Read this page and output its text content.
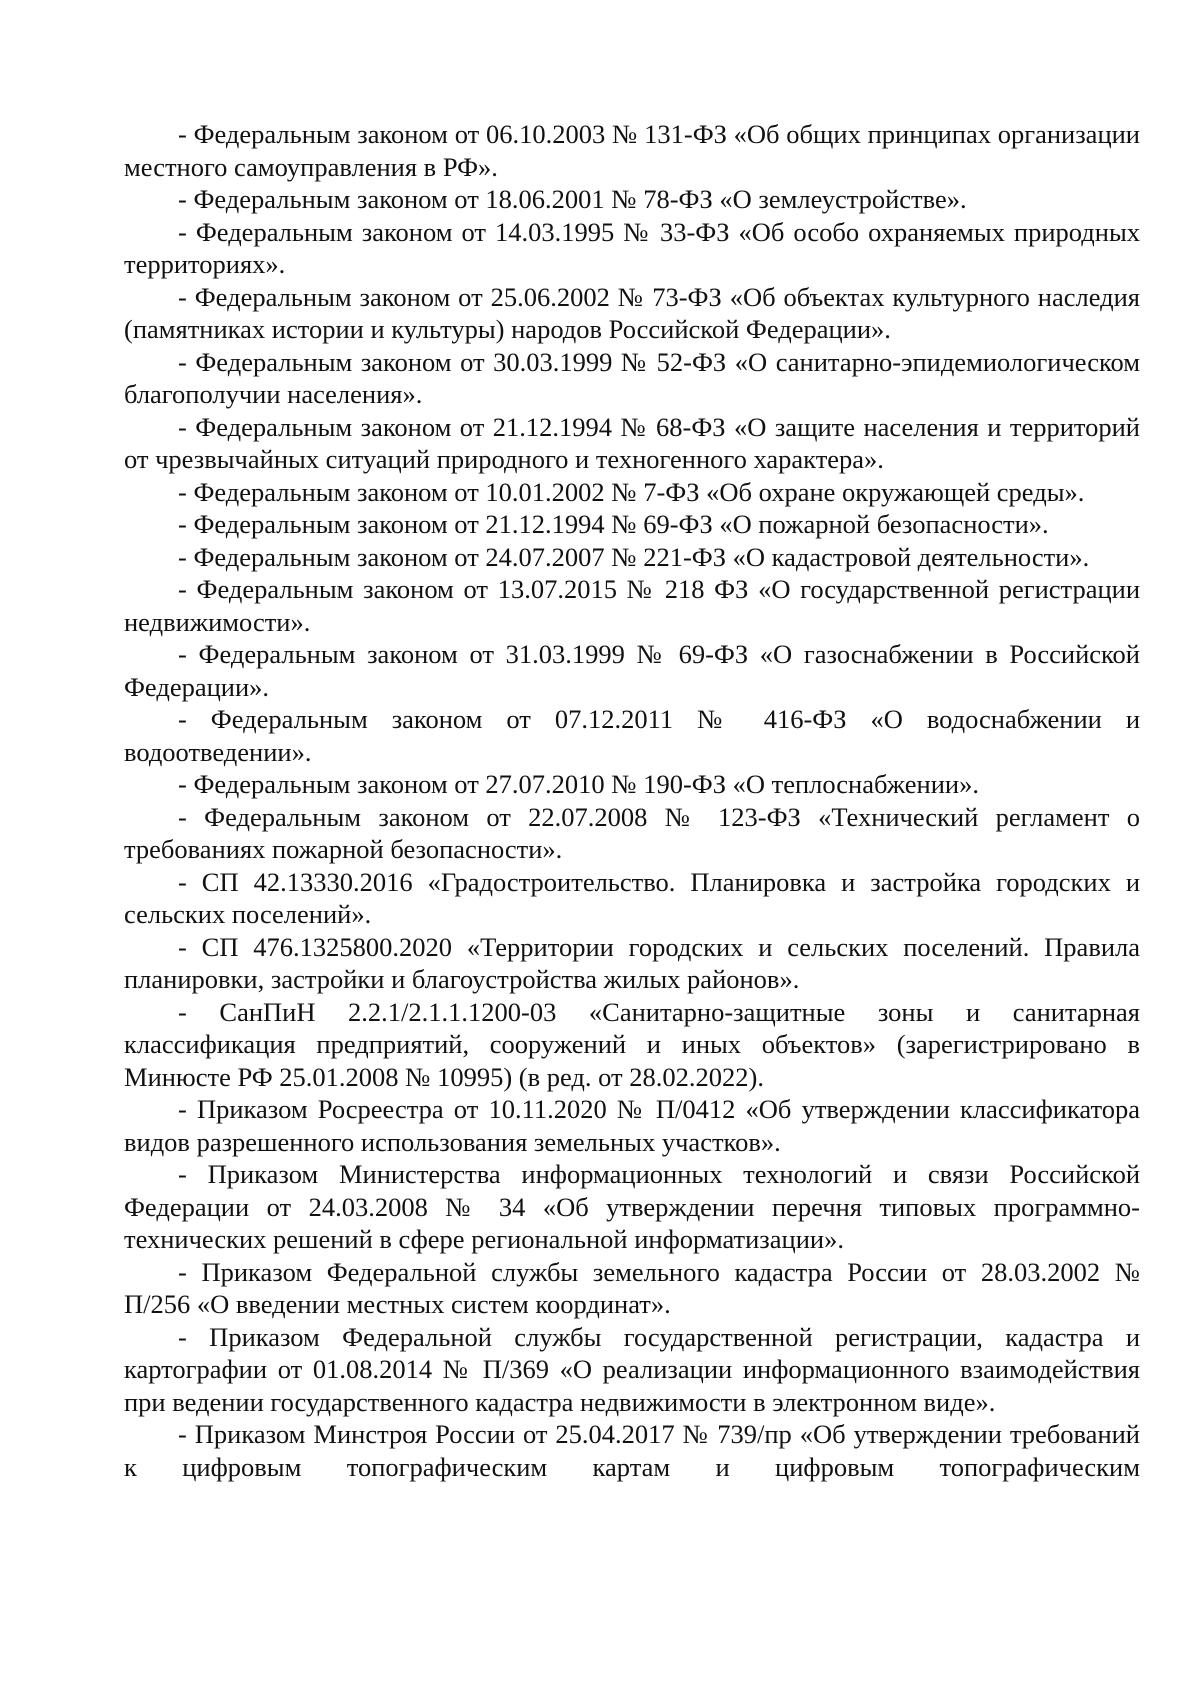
- Федеральным законом от 06.10.2003 № 131-ФЗ «Об общих принципах организации местного самоуправления в РФ».

- Федеральным законом от 18.06.2001 № 78-ФЗ «О землеустройстве».

- Федеральным законом от 14.03.1995 № 33-ФЗ «Об особо охраняемых природных территориях».

- Федеральным законом от 25.06.2002 № 73-ФЗ «Об объектах культурного наследия (памятниках истории и культуры) народов Российской Федерации».

- Федеральным законом от 30.03.1999 № 52-ФЗ «О санитарно-эпидемиологическом благополучии населения».

- Федеральным законом от 21.12.1994 № 68-ФЗ «О защите населения и территорий от чрезвычайных ситуаций природного и техногенного характера».

- Федеральным законом от 10.01.2002 № 7-ФЗ «Об охране окружающей среды».

- Федеральным законом от 21.12.1994 № 69-ФЗ «О пожарной безопасности».

- Федеральным законом от 24.07.2007 № 221-ФЗ «О кадастровой деятельности».

- Федеральным законом от 13.07.2015 № 218 ФЗ «О государственной регистрации недвижимости».

- Федеральным законом от 31.03.1999 № 69-ФЗ «О газоснабжении в Российской Федерации».

- Федеральным законом от 07.12.2011 № 416-ФЗ «О водоснабжении и водоотведении».

- Федеральным законом от 27.07.2010 № 190-ФЗ «О теплоснабжении».

- Федеральным законом от 22.07.2008 № 123-ФЗ «Технический регламент о требованиях пожарной безопасности».

- СП 42.13330.2016 «Градостроительство. Планировка и застройка городских и сельских поселений».

- СП 476.1325800.2020 «Территории городских и сельских поселений. Правила планировки, застройки и благоустройства жилых районов».

- СанПиН 2.2.1/2.1.1.1200-03 «Санитарно-защитные зоны и санитарная классификация предприятий, сооружений и иных объектов» (зарегистрировано в Минюсте РФ 25.01.2008 № 10995) (в ред. от 28.02.2022).

- Приказом Росреестра от 10.11.2020 № П/0412 «Об утверждении классификатора видов разрешенного использования земельных участков».

- Приказом Министерства информационных технологий и связи Российской Федерации от 24.03.2008 № 34 «Об утверждении перечня типовых программно-технических решений в сфере региональной информатизации».

- Приказом Федеральной службы земельного кадастра России от 28.03.2002 № П/256 «О введении местных систем координат».

- Приказом Федеральной службы государственной регистрации, кадастра и картографии от 01.08.2014 № П/369 «О реализации информационного взаимодействия при ведении государственного кадастра недвижимости в электронном виде».

- Приказом Минстроя России от 25.04.2017 № 739/пр «Об утверждении требований к цифровым топографическим картам и цифровым топографическим
